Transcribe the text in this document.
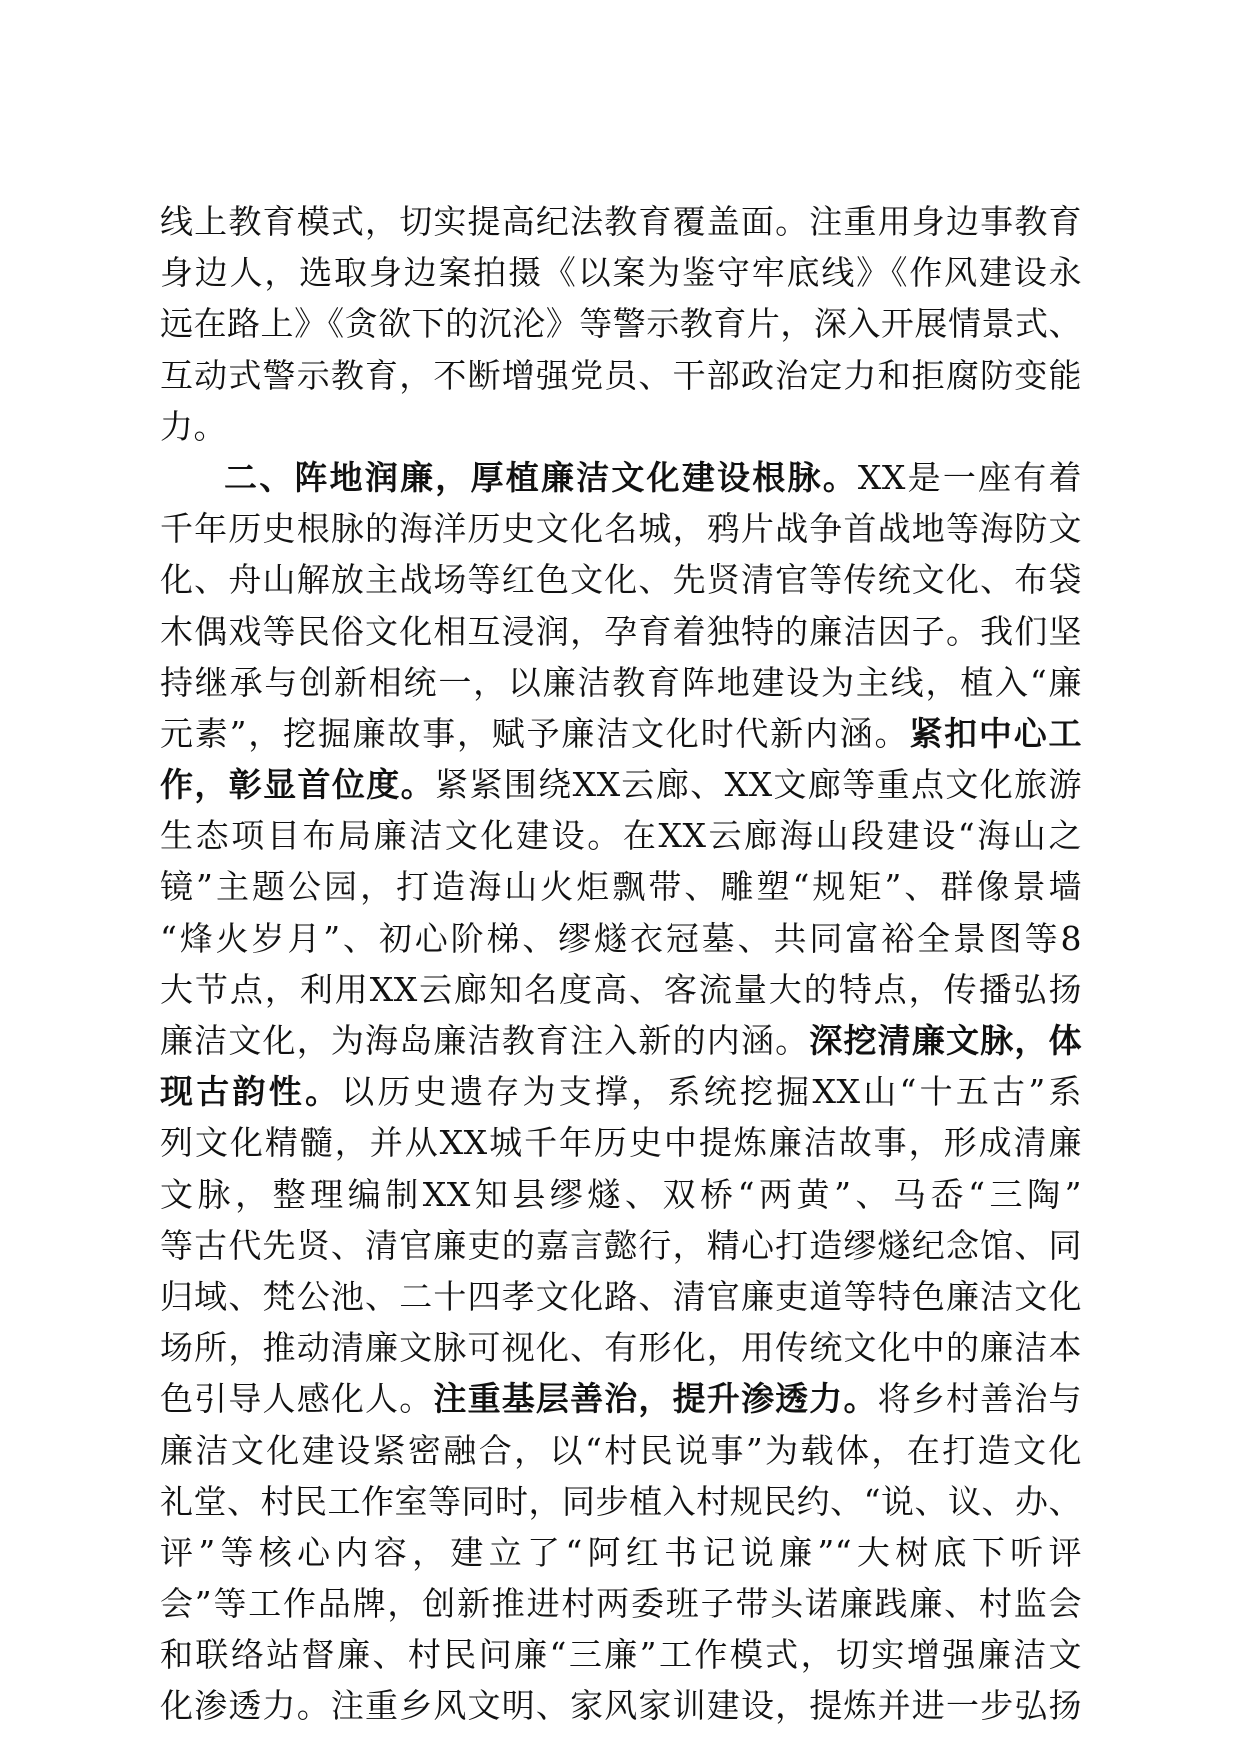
线上教育模式，切实提高纪法教育覆盖面。注重用身边事教育
身边人，选取身边案拍摄《以案为鉴守牢底线》《作风建设永
远在路上》《贪欲下的沉沦》等警示教育片，深入开展情景式、
互动式警示教育，不断增强党员、干部政治定力和拒腐防变能
力。
二、阵地润廉，厚植廉洁文化建设根脉。XX是一座有着
千年历史根脉的海洋历史文化名城，鸦片战争首战地等海防文
化、舟山解放主战场等红色文化、先贤清官等传统文化、布袋
木偶戏等民俗文化相互浸润，孕育着独特的廉洁因子。我们坚
持继承与创新相统一，以廉洁教育阵地建设为主线，植入“廉
元素”，挖掘廉故事，赋予廉洁文化时代新内涵。紧扣中心工
作，彰显首位度。紧紧围绕XX云廊、XX文廊等重点文化旅游
生态项目布局廉洁文化建设。在XX云廊海山段建设“海山之
镜”主题公园，打造海山火炬飘带、雕塑“规矩”、群像景墙
“烽火岁月”、初心阶梯、缪燧衣冠墓、共同富裕全景图等8
大节点，利用XX云廊知名度高、客流量大的特点，传播弘扬
廉洁文化，为海岛廉洁教育注入新的内涵。深挖清廉文脉，体
现古韵性。以历史遗存为支撑，系统挖掘XX山“十五古”系
列文化精髓，并从XX城千年历史中提炼廉洁故事，形成清廉
文脉，整理编制XX知县缪燧、双桥“两黄”、马岙“三陶”
等古代先贤、清官廉吏的嘉言懿行，精心打造缪燧纪念馆、同
归域、梵公池、二十四孝文化路、清官廉吏道等特色廉洁文化
场所，推动清廉文脉可视化、有形化，用传统文化中的廉洁本
色引导人感化人。注重基层善治，提升渗透力。将乡村善治与
廉洁文化建设紧密融合，以“村民说事”为载体，在打造文化
礼堂、村民工作室等同时，同步植入村规民约、“说、议、办、
评”等核心内容，建立了“阿红书记说廉”“大树底下听评
会”等工作品牌，创新推进村两委班子带头诺廉践廉、村监会
和联络站督廉、村民问廉“三廉”工作模式，切实增强廉洁文
化渗透力。注重乡风文明、家风家训建设，提炼并进一步弘扬
